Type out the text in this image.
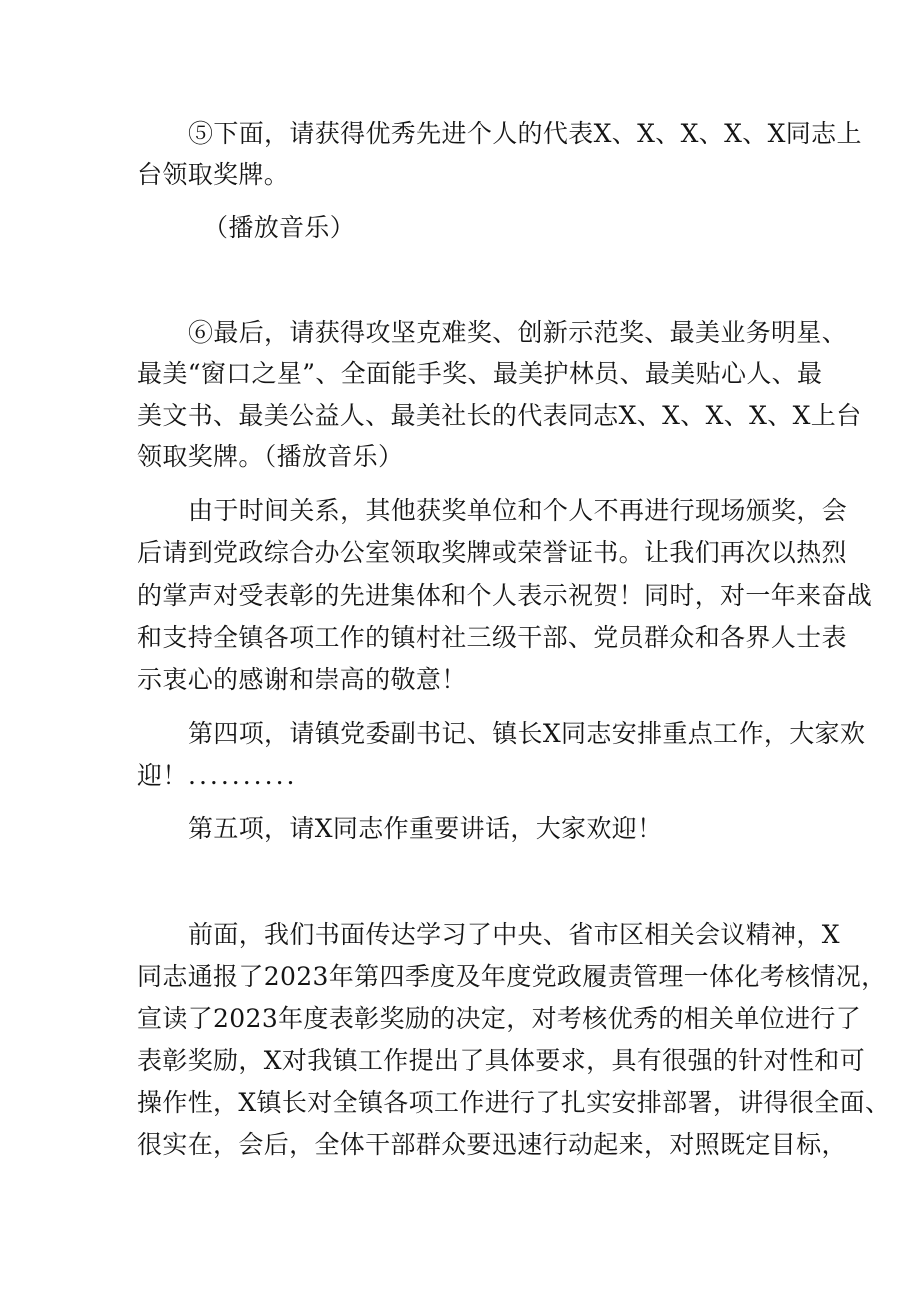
⑤下面，请获得优秀先进个人的代表X、X、X、X、X同志上
台领取奖牌。
（播放音乐）
⑥最后，请获得攻坚克难奖、创新示范奖、最美业务明星、
最美“窗口之星”、全面能手奖、最美护林员、最美贴心人、最
美文书、最美公益人、最美社长的代表同志X、X、X、X、X上台
领取奖牌。（播放音乐）
由于时间关系，其他获奖单位和个人不再进行现场颁奖，会
后请到党政综合办公室领取奖牌或荣誉证书。让我们再次以热烈
的掌声对受表彰的先进集体和个人表示祝贺！同时，对一年来奋战
和支持全镇各项工作的镇村社三级干部、党员群众和各界人士表
示衷心的感谢和崇高的敬意！
第四项，请镇党委副书记、镇长X同志安排重点工作，大家欢
迎！ ..........
第五项，请X同志作重要讲话，大家欢迎！
前面，我们书面传达学习了中央、省市区相关会议精神，X
同志通报了2023年第四季度及年度党政履责管理一体化考核情况，
宣读了2023年度表彰奖励的决定，对考核优秀的相关单位进行了
表彰奖励，X对我镇工作提出了具体要求，具有很强的针对性和可
操作性，X镇长对全镇各项工作进行了扎实安排部署，讲得很全面、
很实在，会后，全体干部群众要迅速行动起来，对照既定目标，
